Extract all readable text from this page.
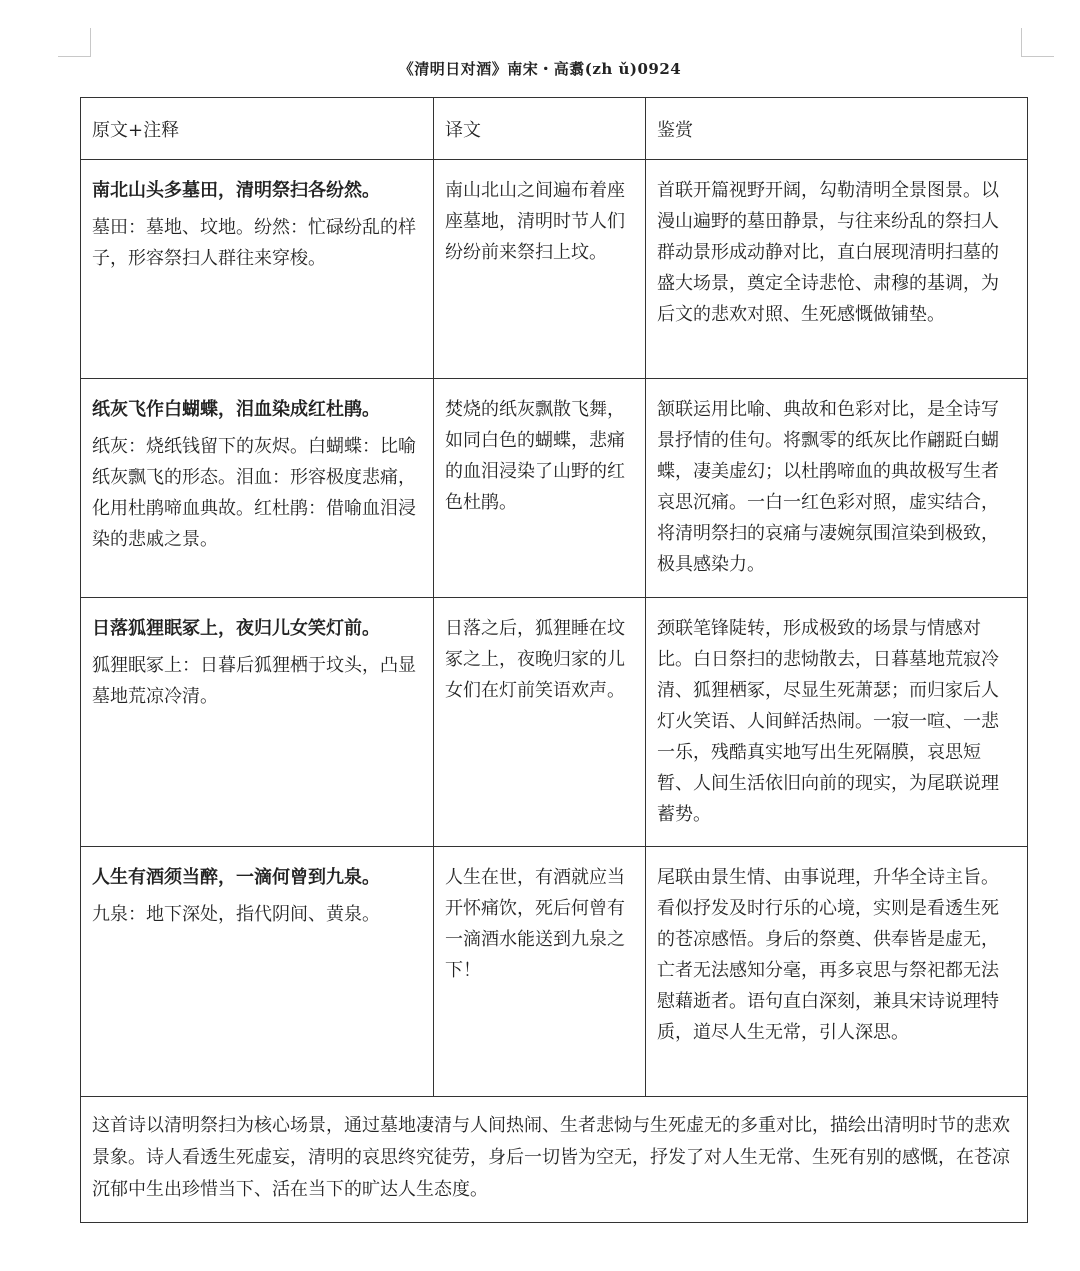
《清明日对酒》南宋・高翥(zh ǔ)0924
原文+注释	译文	鉴赏

南北山头多墓田，清明祭扫各纷然。
墓田：墓地、坟地。纷然：忙碌纷乱的样子，形容祭扫人群往来穿梭。	南山北山之间遍布着座座墓地，清明时节人们纷纷前来祭扫上坟。	首联开篇视野开阔，勾勒清明全景图景。以漫山遍野的墓田静景，与往来纷乱的祭扫人群动景形成动静对比，直白展现清明扫墓的盛大场景，奠定全诗悲怆、肃穆的基调，为后文的悲欢对照、生死感慨做铺垫。

纸灰飞作白蝴蝶，泪血染成红杜鹃。
纸灰：烧纸钱留下的灰烬。白蝴蝶：比喻纸灰飘飞的形态。泪血：形容极度悲痛，化用杜鹃啼血典故。红杜鹃：借喻血泪浸染的悲戚之景。	焚烧的纸灰飘散飞舞，如同白色的蝴蝶，悲痛的血泪浸染了山野的红色杜鹃。	颔联运用比喻、典故和色彩对比，是全诗写景抒情的佳句。将飘零的纸灰比作翩跹白蝴蝶，凄美虚幻；以杜鹃啼血的典故极写生者哀思沉痛。一白一红色彩对照，虚实结合，将清明祭扫的哀痛与凄婉氛围渲染到极致，极具感染力。

日落狐狸眠冢上，夜归儿女笑灯前。
狐狸眠冢上：日暮后狐狸栖于坟头，凸显墓地荒凉冷清。	日落之后，狐狸睡在坟冢之上，夜晚归家的儿女们在灯前笑语欢声。	颈联笔锋陡转，形成极致的场景与情感对比。白日祭扫的悲恸散去，日暮墓地荒寂冷清、狐狸栖冢，尽显生死萧瑟；而归家后人灯火笑语、人间鲜活热闹。一寂一喧、一悲一乐，残酷真实地写出生死隔膜，哀思短暂、人间生活依旧向前的现实，为尾联说理蓄势。

人生有酒须当醉，一滴何曾到九泉。
九泉：地下深处，指代阴间、黄泉。	人生在世，有酒就应当开怀痛饮，死后何曾有一滴酒水能送到九泉之下！	尾联由景生情、由事说理，升华全诗主旨。看似抒发及时行乐的心境，实则是看透生死的苍凉感悟。身后的祭奠、供奉皆是虚无，亡者无法感知分毫，再多哀思与祭祀都无法慰藉逝者。语句直白深刻，兼具宋诗说理特质，道尽人生无常，引人深思。
这首诗以清明祭扫为核心场景，通过墓地凄清与人间热闹、生者悲恸与生死虚无的多重对比，描绘出清明时节的悲欢景象。诗人看透生死虚妄，清明的哀思终究徒劳，身后一切皆为空无，抒发了对人生无常、生死有别的感慨，在苍凉沉郁中生出珍惜当下、活在当下的旷达人生态度。		
